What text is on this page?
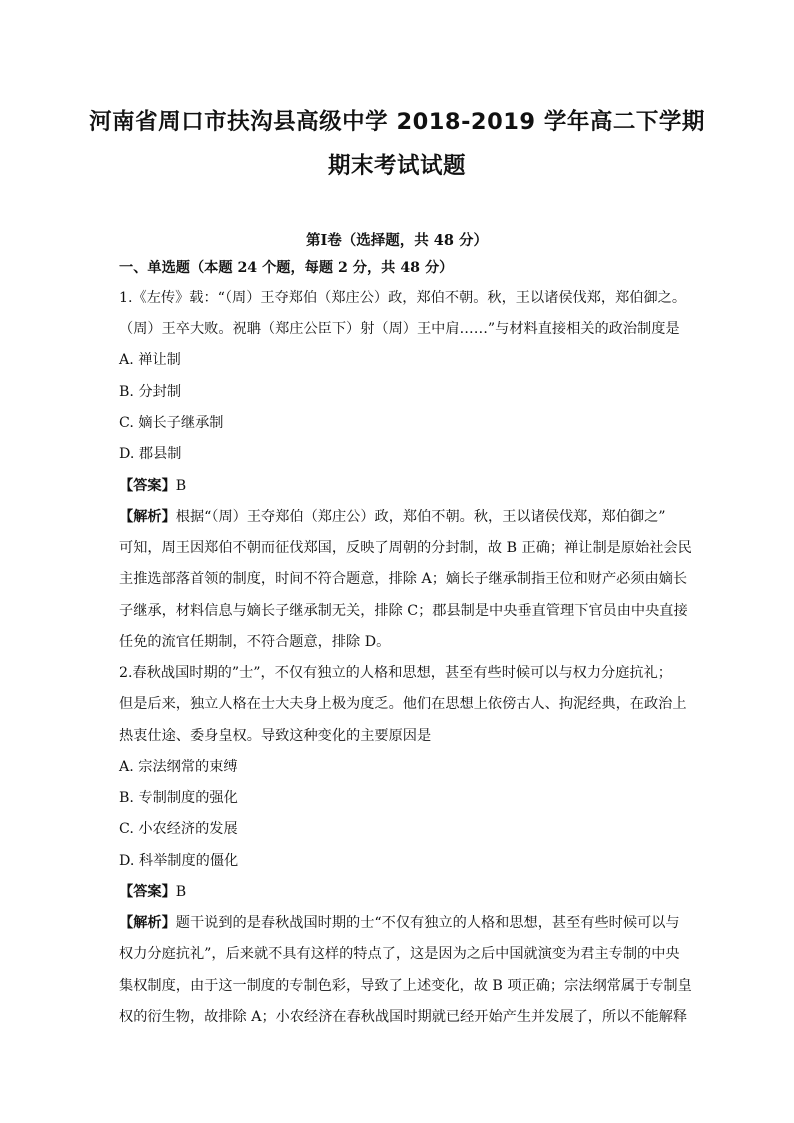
河南省周口市扶沟县高级中学 2018-2019 学年高二下学期
期末考试试题
第Ⅰ卷（选择题，共 48 分）
一、单选题（本题 24 个题，每题 2 分，共 48 分）
1.《左传》载：“（周）王夺郑伯（郑庄公）政，郑伯不朝。秋，王以诸侯伐郑，郑伯御之。
（周）王卒大败。祝聃（郑庄公臣下）射（周）王中肩……”与材料直接相关的政治制度是
A. 禅让制
B. 分封制
C. 嫡长子继承制
D. 郡县制
【答案】B
【解析】根据“（周）王夺郑伯（郑庄公）政，郑伯不朝。秋，王以诸侯伐郑，郑伯御之”
可知，周王因郑伯不朝而征伐郑国，反映了周朝的分封制，故 B 正确；禅让制是原始社会民
主推选部落首领的制度，时间不符合题意，排除 A；嫡长子继承制指王位和财产必须由嫡长
子继承，材料信息与嫡长子继承制无关，排除 C；郡县制是中央垂直管理下官员由中央直接
任免的流官任期制，不符合题意，排除 D。
2.春秋战国时期的”士”，不仅有独立的人格和思想，甚至有些时候可以与权力分庭抗礼；
但是后来，独立人格在士大夫身上极为度乏。他们在思想上依傍古人、拘泥经典，在政治上
热衷仕途、委身皇权。导致这种变化的主要原因是
A. 宗法纲常的束缚
B. 专制制度的强化
C. 小农经济的发展
D. 科举制度的僵化
【答案】B
【解析】题干说到的是春秋战国时期的士“不仅有独立的人格和思想，甚至有些时候可以与
权力分庭抗礼”，后来就不具有这样的特点了，这是因为之后中国就演变为君主专制的中央
集权制度，由于这一制度的专制色彩，导致了上述变化，故 B 项正确；宗法纲常属于专制皇
权的衍生物，故排除 A；小农经济在春秋战国时期就已经开始产生并发展了，所以不能解释
